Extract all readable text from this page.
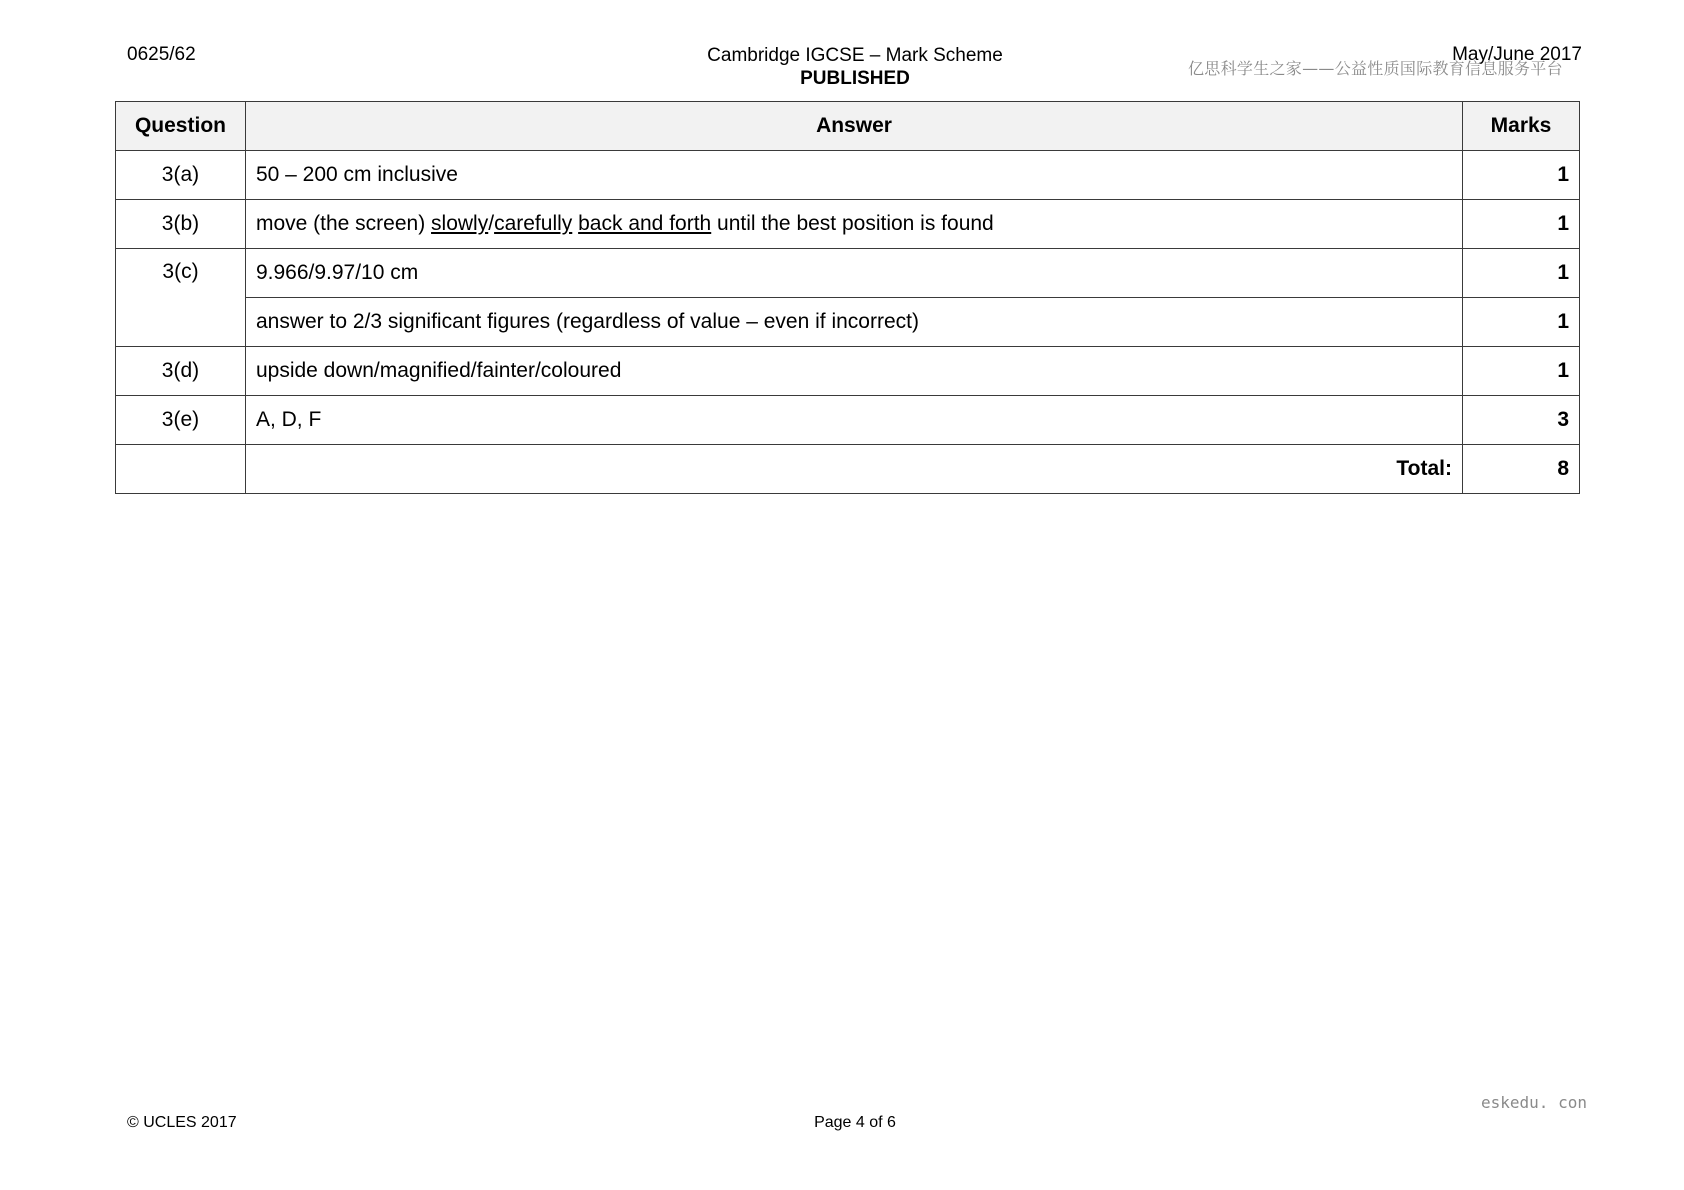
0625/62	Cambridge IGCSE – Mark Scheme
PUBLISHED
May/June 2017
亿思科学生之家——公益性质国际教育信息服务平台
Question	Answer	Marks
3(a)	50 – 200 cm inclusive	1
3(b)	move (the screen) slowly/carefully back and forth until the best position is found	1
3(c)	9.966/9.97/10 cm	1
	answer to 2/3 significant figures (regardless of value – even if incorrect)	1
3(d)	upside down/magnified/fainter/coloured	1
3(e)	A, D, F	3
	Total:	8
eskedu. con
© UCLES 2017	Page 4 of 6
